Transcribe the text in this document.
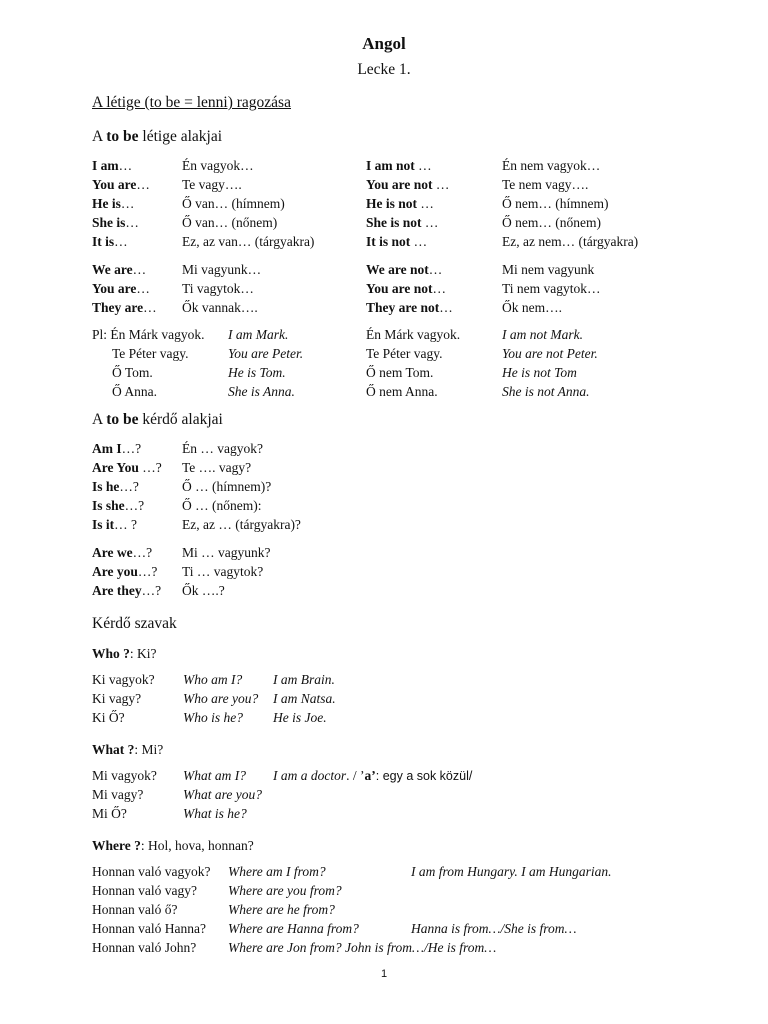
Angol
Lecke 1.
A létige (to be = lenni) ragozása
A to be létige alakjai
I am…	Én vagyok…	I am not …	Én nem vagyok…
You are… Te vagy….	You are not …	Te nem vagy….
He is…	Ő van… (hímnem)	He is not …	Ő nem… (hímnem)
She is…	Ő van… (nőnem)	She is not …	Ő nem… (nőnem)
It is…	Ez, az van… (tárgyakra)	It is not …	Ez, az nem… (tárgyakra)
We are…	Mi vagyunk…	We are not…	Mi nem vagyunk
You are… Ti vagytok…	You are not…	Ti nem vagytok…
They are… Ők vannak….	They are not…	Ők nem….
Pl: Én Márk vagyok. I am Mark.	Én Márk vagyok.	I am not Mark.
Te Péter vagy.	You are Peter.	Te Péter vagy.	You are not Peter.
Ő Tom.	He is Tom.	Ő nem Tom.	He is not Tom
Ő Anna.	She is Anna.	Ő nem Anna.	She is not Anna.
A to be kérdő alakjai
Am I…?	Én … vagyok?
Are You …? Te …. vagy?
Is he…?	Ő … (hímnem)?
Is she…?	Ő … (nőnem):
Is it… ?	Ez, az … (tárgyakra)?
Are we…? Mi … vagyunk?
Are you…? Ti … vagytok?
Are they…? Ők ….?
Kérdő szavak
Who ?: Ki?
Ki vagyok? Who am I? I am Brain.
Ki vagy?	Who are you? I am Natsa.
Ki Ő?	Who is he? He is Joe.
What ?: Mi?
Mi vagyok? What am I? I am a doctor. / ’a’: egy a sok közül/
Mi vagy?	What are you?
Mi Ő?	What is he?
Where ?: Hol, hova, honnan?
Honnan való vagyok? Where am I from?	I am from Hungary. I am Hungarian.
Honnan való vagy? Where are you from?
Honnan való ő?	Where are he from?
Honnan való Hanna? Where are Hanna from?	Hanna is from…/She is from…
Honnan való John? Where are Jon from? John is from…/He is from…
1
